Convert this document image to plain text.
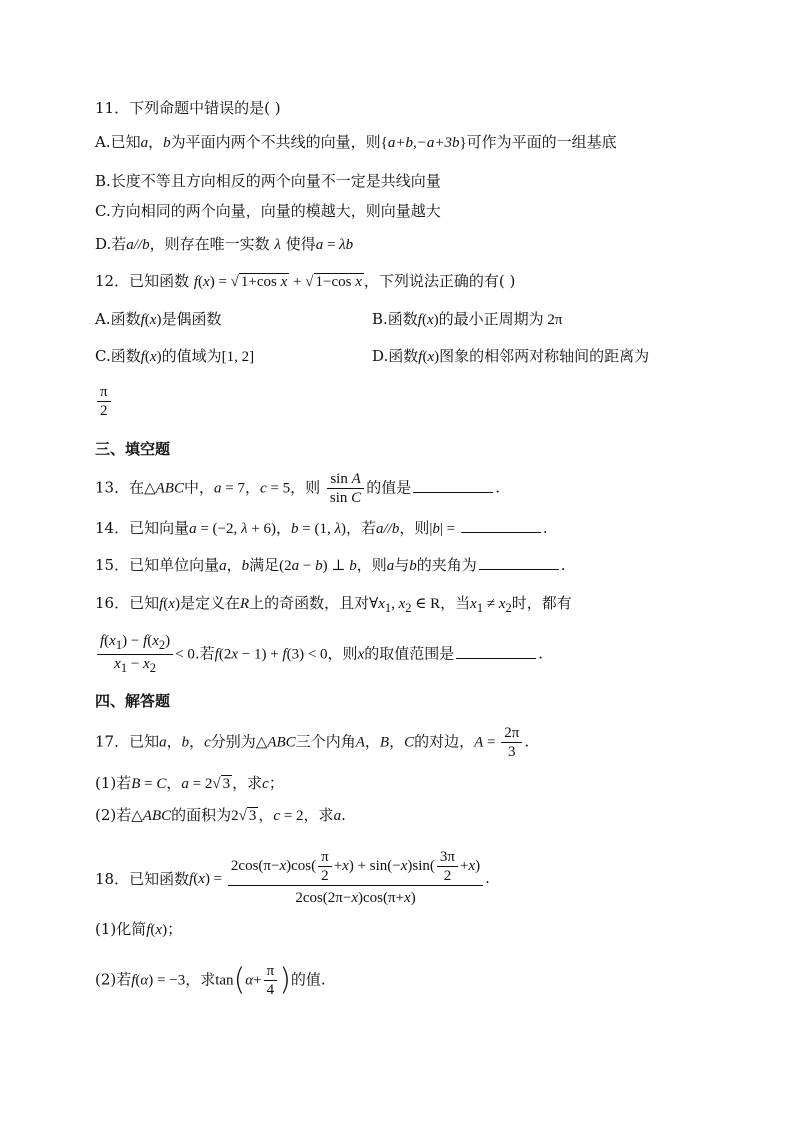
11．下列命题中错误的是( )
A.已知a，b为平面内两个不共线的向量，则{a+b,−a+3b}可作为平面的一组基底
B.长度不等且方向相反的两个向量不一定是共线向量
C.方向相同的两个向量，向量的模越大，则向量越大
D.若a//b，则存在唯一实数 λ 使得a = λb
12．已知函数 f(x) = √ 1+cos x + √ 1−cos x ，下列说法正确的有( )
A.函数f(x)是偶函数	B.函数f(x)的最小正周期为 2π
C.函数f(x)的值域为[1, 2]	D.函数f(x)图象的相邻两对称轴间的距离为
$\frac{\pi}{2}$
三、填空题
13．在△ABC中，a = 7，c = 5，则 $\frac{\text{sin A}}{\text{sin C}}$ 的值是	.
14．已知向量a = (−2, λ + 6)，b = (1, λ)，若a//b，则|b| =	.
15．已知单位向量a，b满足(2a − b) ⊥ b，则a与b的夹角为	.
16．已知f(x)是定义在R上的奇函数，且对$\forall x_1$, $x_2$ ∈ R，当$x_1 \ne x_2$时，都有
$\frac{f(x_1) - f(x_2)}{x_1 - x_2} < 0$.若f(2x − 1) + f(3) < 0，则x的取值范围是	.
四、解答题
17．已知a，b，c分别为△ABC三个内角A，B，C的对边，$A = \frac{2\pi}{3}$ .
(1)若B = C，a = 2√ 3 ，求c；
(2)若△ABC的面积为2√ 3 ，c = 2，求a.
18．已知函数$f(x) = \frac{2\cos(\pi-x)\cos( \frac{\pi}{2} +x) + \sin(-x)\sin( \frac{3\pi}{2} +x)}{2\cos(2\pi-x)\cos(\pi+x)}$ .
(1)化简f(x)；
(2)若f(α) = −3，求$\tan(\alpha+ \frac{\pi}{4}$ )的值.
